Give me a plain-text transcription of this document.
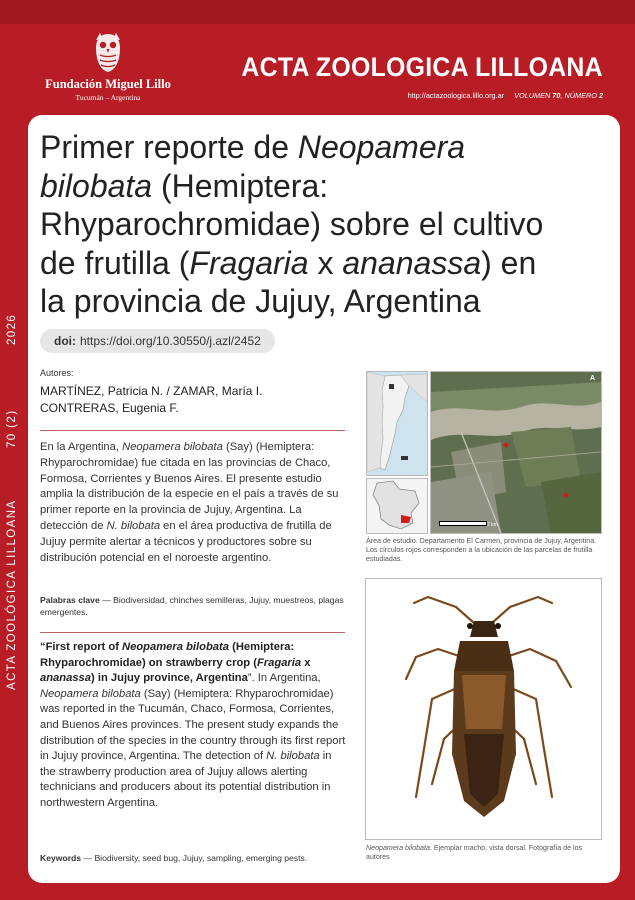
Fundación Miguel Lillo
Tucumán – Argentina
ACTA ZOOLOGICA LILLOANA
http://actazoologica.lillo.org.ar VOLUMEN 70, NÚMERO 2
ACTA ZOOLÓGICA LILLOANA
70 (2)
2026
Primer reporte de Neopamera bilobata (Hemiptera: Rhyparochromidae) sobre el cultivo de frutilla (Fragaria x ananassa) en la provincia de Jujuy, Argentina
doi: https://doi.org/10.30550/j.azl/2452
Autores:
MARTÍNEZ, Patricia N. / ZAMAR, María I.
CONTRERAS, Eugenia F.

En la Argentina, Neopamera bilobata (Say) (Hemiptera: Rhyparochromidae) fue citada en las provincias de Chaco, Formosa, Corrientes y Buenos Aires. El presente estudio amplia la distribución de la especie en el país a través de su primer reporte en la provincia de Jujuy, Argentina. La detección de N. bilobata en el área productiva de frutilla de Jujuy permite alertar a técnicos y productores sobre su distribución potencial en el noroeste argentino.

Palabras clave — Biodiversidad, chinches semilleras, Jujuy, muestreos, plagas emergentes.

“First report of Neopamera bilobata (Hemiptera: Rhyparochromidae) on strawberry crop (Fragaria x ananassa) in Jujuy province, Argentina”. In Argentina, Neopamera bilobata (Say) (Hemiptera: Rhyparochromidae) was reported in the Tucumán, Chaco, Formosa, Corrientes, and Buenos Aires provinces. The present study expands the distribution of the species in the country through its first report in Jujuy province, Argentina. The detection of N. bilobata in the strawberry production area of Jujuy allows alerting technicians and producers about its potential distribution in northwestern Argentina.

Keywords — Biodiversity, seed bug, Jujuy, sampling, emerging pests.

A
2 km

Área de estudio. Departamento El Carmen, provincia de Jujuy, Argentina. Los círculos rojos corresponden a la ubicación de las parcelas de frutilla estudiadas.

Neopamera bilobata. Ejemplar macho, vista dorsal. Fotografía de los autores
